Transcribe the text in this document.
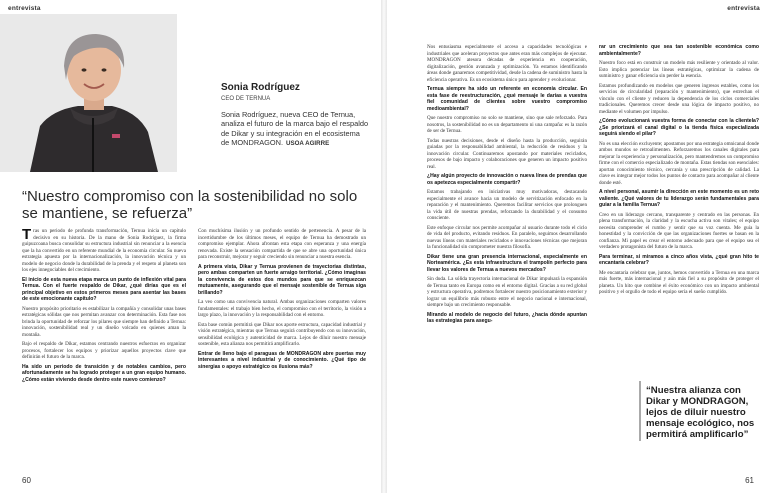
entrevista
Sonia Rodríguez
CEO DE TERNUA
Sonia Rodríguez, nueva CEO de Ternua, analiza el futuro de la marca bajo el respaldo de Dikar y su integración en el ecosistema de MONDRAGON. USOA AGIRRE
“Nuestro compromiso con la sostenibilidad no solo se mantiene, se refuerza”

Tras un periodo de profunda transformación, Ternua inicia un capítulo decisivo en su historia. De la mano de Sonia Rodríguez, la firma guipuzcoana busca consolidar su estructura industrial sin renunciar a la esencia que la ha convertido en un referente mundial de la economía circular. Su nueva estrategia apuesta por la internacionalización, la innovación técnica y un modelo de negocio donde la durabilidad de la prenda y el respeto al planeta son los ejes innegociables del crecimiento.

El inicio de esta nueva etapa marca un punto de inflexión vital para Ternua. Con el fuerte respaldo de Dikar, ¿qué dirías que es el principal objetivo en estos primeros meses para asentar las bases de este emocionante capítulo?

Nuestro propósito prioritario es estabilizar la compañía y consolidar unas bases estratégicas sólidas que nos permitan avanzar con determinación. Esta fase nos brinda la oportunidad de reforzar los pilares que siempre han definido a Ternua: innovación, sostenibilidad real y un diseño volcado en quienes aman la montaña.

Bajo el respaldo de Dikar, estamos centrando nuestros esfuerzos en organizar procesos, fortalecer los equipos y priorizar aquellos proyectos clave que definirán el futuro de la marca.

Ha sido un periodo de transición y de notables cambios, pero afortunadamente se ha logrado proteger a un gran equipo humano. ¿Cómo están viviendo desde dentro este nuevo comienzo?

Con muchísima ilusión y un profundo sentido de pertenencia. A pesar de la incertidumbre de los últimos meses, el equipo de Ternua ha demostrado un compromiso ejemplar. Ahora afrontan esta etapa con esperanza y una energía renovada. Existe la sensación compartida de que se abre una oportunidad única para reconstruir, mejorar y seguir creciendo sin renunciar a nuestra esencia.

A primera vista, Dikar y Ternua provienen de trayectorias distintas, pero ambas comparten un fuerte arraigo territorial. ¿Cómo imaginas la convivencia de estos dos mundos para que se enriquezcan mutuamente, asegurando que el mensaje sostenible de Ternua siga brillando?

La veo como una convivencia natural. Ambas organizaciones comparten valores fundamentales: el trabajo bien hecho, el compromiso con el territorio, la visión a largo plazo, la innovación y la responsabilidad con el entorno.

Esta base común permitirá que Dikar nos aporte estructura, capacidad industrial y visión estratégica, mientras que Ternua seguirá contribuyendo con su innovación, sensibilidad ecológica y autenticidad de marca. Lejos de diluir nuestro mensaje sostenible, esta alianza nos permitirá amplificarlo.

Entrar de lleno bajo el paraguas de MONDRAGON abre puertas muy interesantes a nivel industrial y de conocimiento. ¿Qué tipo de sinergias o apoyo estratégico os ilusiona más?

60
entrevista

Nos entusiasma especialmente el acceso a capacidades tecnológicas e industriales que aceleran proyectos que antes eran más complejos de ejecutar. MONDRAGON atesora décadas de experiencia en cooperación, digitalización, gestión avanzada y optimización. Ya estamos identificando áreas donde ganaremos competitividad, desde la cadena de suministro hasta la eficiencia operativa. Es un ecosistema único para aprender y evolucionar.

Ternua siempre ha sido un referente en economía circular. En esta fase de reestructuración, ¿qué mensaje le darías a vuestra fiel comunidad de clientes sobre vuestro compromiso medioambiental?

Que nuestro compromiso no solo se mantiene, sino que sale reforzado. Para nosotros, la sostenibilidad no es un departamento ni una campaña: es la razón de ser de Ternua.

Todas nuestras decisiones, desde el diseño hasta la producción, seguirán guiadas por la responsabilidad ambiental, la reducción de residuos y la innovación circular. Continuaremos apostando por materiales reciclados, procesos de bajo impacto y colaboraciones que generen un impacto positivo real.

¿Hay algún proyecto de innovación o nueva línea de prendas que os apetezca especialmente compartir?

Estamos trabajando en iniciativas muy motivadoras, destacando especialmente el avance hacia un modelo de servitización enfocado en la reparación y el mantenimiento. Queremos facilitar servicios que prolonguen la vida útil de nuestras prendas, reforzando la durabilidad y el consumo consciente.

Este enfoque circular nos permite acompañar al usuario durante todo el ciclo de vida del producto, evitando residuos. En paralelo, seguimos desarrollando nuevas líneas con materiales reciclados e innovaciones técnicas que mejoran la funcionalidad sin comprometer nuestra filosofía.

Dikar tiene una gran presencia internacional, especialmente en Norteamérica. ¿Es esta infraestructura el trampolín perfecto para llevar los valores de Ternua a nuevos mercados?

Sin duda. La sólida trayectoria internacional de Dikar impulsará la expansión de Ternua tanto en Europa como en el entorno digital. Gracias a su red global y estructura operativa, podremos fortalecer nuestro posicionamiento exterior y lograr un equilibrio más robusto entre el negocio nacional e internacional, siempre bajo un crecimiento responsable.

Mirando al modelo de negocio del futuro, ¿hacia dónde apuntan las estrategias para asegu-

rar un crecimiento que sea tan sostenible económica como ambientalmente?

Nuestro foco está en construir un modelo más resiliente y orientado al valor. Esto implica potenciar las líneas estratégicas, optimizar la cadena de suministro y ganar eficiencia sin perder la esencia.

Estamos profundizando en modelos que generen ingresos estables, como los servicios de circularidad (reparación y mantenimiento), que estrechan el vínculo con el cliente y reducen la dependencia de los ciclos comerciales tradicionales. Queremos crecer desde una lógica de impacto positivo, no mediante el volumen por impulso.

¿Cómo evolucionará vuestra forma de conectar con la clientela? ¿Se priorizará el canal digital o la tienda física especializada seguirá siendo el pilar?

No es una elección excluyente; apostamos por una estrategia omnicanal donde ambos mundos se retroalimenten. Reforzaremos los canales digitales para mejorar la experiencia y personalización, pero mantendremos un compromiso firme con el comercio especializado de montaña. Estas tiendas son esenciales: aportan conocimiento técnico, cercanía y una prescripción de calidad. La clave es integrar mejor todos los puntos de contacto para acompañar al cliente donde esté.

A nivel personal, asumir la dirección en este momento es un reto valiente. ¿Qué valores de tu liderazgo serán fundamentales para guiar a la familia Ternua?

Creo en un liderazgo cercano, transparente y centrado en las personas. En plena transformación, la claridad y la escucha activa son vitales; el equipo necesita comprender el rumbo y sentir que su voz cuenta. Me guía la honestidad y la convicción de que las organizaciones fuertes se basan en la confianza. Mi papel es crear el entorno adecuado para que el equipo sea el verdadero protagonista del futuro de la marca.

Para terminar, si miramos a cinco años vista, ¿qué gran hito te encantaría celebrar?

Me encantaría celebrar que, juntos, hemos convertido a Ternua en una marca más fuerte, más internacional y aún más fiel a su propósito de proteger el planeta. Un hito que combine el éxito económico con un impacto ambiental positivo y el orgullo de todo el equipo sería el sueño cumplido.

“Nuestra alianza con Dikar y MONDRAGON, lejos de diluir nuestro mensaje ecológico, nos permitirá amplificarlo”
61
